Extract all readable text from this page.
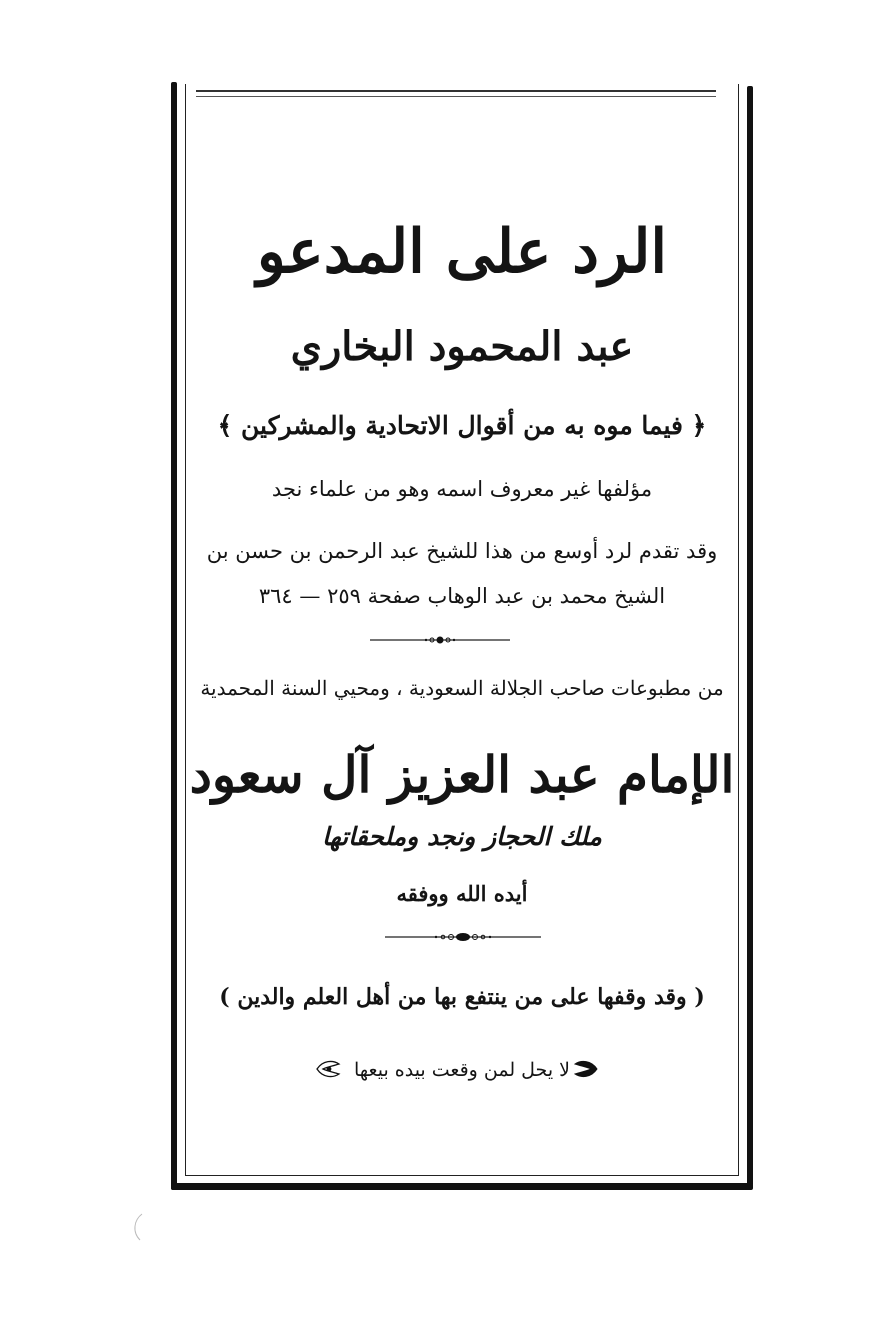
الرد على المدعو
عبد المحمود البخاري
﴿ فيما موه به من أقوال الاتحادية والمشركين ﴾
مؤلفها غير معروف اسمه وهو من علماء نجد
وقد تقدم لرد أوسع من هذا للشيخ عبد الرحمن بن حسن بن
الشيخ محمد بن عبد الوهاب صفحة ٢٥٩ — ٣٦٤
من مطبوعات صاحب الجلالة السعودية ، ومحيي السنة المحمدية
الإمام عبد العزيز آل سعود
ملك الحجاز ونجد وملحقاتها
أيده الله ووفقه
( وقد وقفها على من ينتفع بها من أهل العلم والدين )
لا يحل لمن وقعت بيده بيعها
